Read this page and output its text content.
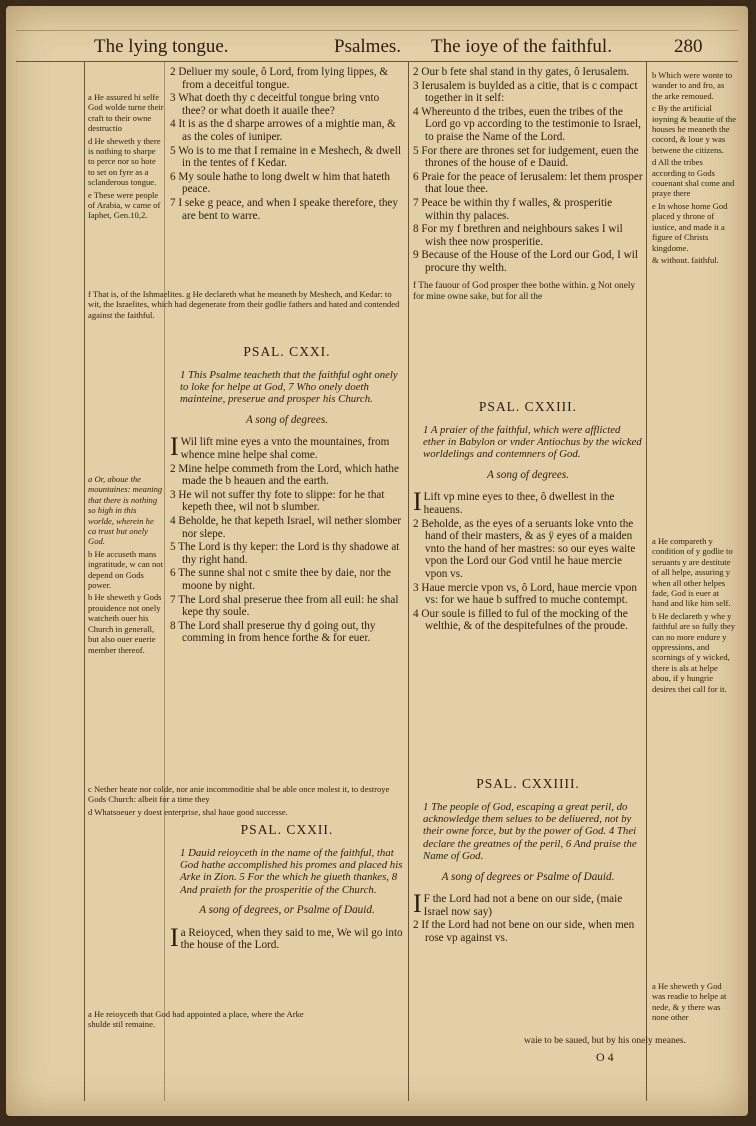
The lying tongue.	Psalmes. The ioye of the faithful.	280

a He assured hi selfe God wolde turne their craft to their owne destructio

d He sheweth y there is nothing to sharpe to perce nor so hote to set on fyre as a sclanderous tongue.

e These were people of Arabia, w came of Iaphet, Gen.10,2.

f That is, of the Ishmaelites. g He declareth what he meaneth by Meshech, and Kedar: to wit, the Israelites, which had degenerate from their godlie fathers and hated and contended against the faithful.

a Or, aboue the mountaines: meaning that there is nothing so high in this worlde, wherein he ca trust but onely God.

b He accuseth mans ingratitude, w can not depend on Gods power.

b He sheweth y Gods prouidence not onely watcheth ouer his Church in generall, but also ouer euerie member thereof.

c Nether heate nor colde, nor anie incommoditie shal be able once molest it, to destroye Gods Church: albeit for a time they

d Whatsoeuer y doest enterprise, shal haue good successe.

a He reioyceth that God had appointed a place, where the Arke shulde stil remaine.

2 Deliuer my soule, ô Lord, from lying lippes, & from a deceitful tongue.

3 What doeth thy c deceitful tongue bring vnto thee? or what doeth it auaile thee?

4 It is as the d sharpe arrowes of a mightie man, & as the coles of iuniper.

5 Wo is to me that I remaine in e Meshech, & dwell in the tentes of f Kedar.

6 My soule hathe to long dwelt w him that hateth peace.

7 I seke g peace, and when I speake therefore, they are bent to warre.

PSAL. CXXI.

1 This Psalme teacheth that the faithful oght onely to loke for helpe at God, 7 Who onely doeth mainteine, preserue and prosper his Church.

A song of degrees.

IWil lift mine eyes a vnto the mountaines, from whence mine helpe shal come.

2 Mine helpe commeth from the Lord, which hathe made the b heauen and the earth.

3 He wil not suffer thy fote to slippe: for he that kepeth thee, wil not b slumber.

4 Beholde, he that kepeth Israel, wil nether slomber nor slepe.

5 The Lord is thy keper: the Lord is thy shadowe at thy right hand.

6 The sunne shal not c smite thee by daie, nor the moone by night.

7 The Lord shal preserue thee from all euil: he shal kepe thy soule.

8 The Lord shall preserue thy d going out, thy comming in from hence forthe & for euer.

PSAL. CXXII.

1 Dauid reioyceth in the name of the faithful, that God hathe accomplished his promes and placed his Arke in Zion. 5 For the which he giueth thankes, 8 And praieth for the prosperitie of the Church.

A song of degrees, or Psalme of Dauid.

Ia Reioyced, when they said to me, We wil go into the house of the Lord.

2 Our b fete shal stand in thy gates, ô Ierusalem.

3 Ierusalem is buylded as a citie, that is c compact together in it self:

4 Whereunto d the tribes, euen the tribes of the Lord go vp according to the testimonie to Israel, to praise the Name of the Lord.

5 For there are thrones set for iudgement, euen the thrones of the house of e Dauid.

6 Praie for the peace of Ierusalem: let them prosper that loue thee.

7 Peace be within thy f walles, & prosperitie within thy palaces.

8 For my f brethren and neighbours sakes I wil wish thee now prosperitie.

9 Because of the House of the Lord our God, I wil procure thy welth.

f The fauour of God prosper thee bothe within. g Not onely for mine owne sake, but for all the

PSAL. CXXIII.

1 A praier of the faithful, which were afflicted ether in Babylon or vnder Antiochus by the wicked worldelings and contemners of God.

A song of degrees.

ILift vp mine eyes to thee, ô dwellest in the heauens.

2 Beholde, as the eyes of a seruants loke vnto the hand of their masters, & as ÿ eyes of a maiden vnto the hand of her mastres: so our eyes waite vpon the Lord our God vntil he haue mercie vpon vs.

3 Haue mercie vpon vs, ô Lord, haue mercie vpon vs: for we haue b suffred to muche contempt.

4 Our soule is filled to ful of the mocking of the welthie, & of the despitefulnes of the proude.

PSAL. CXXIIII.

1 The people of God, escaping a great peril, do acknowledge them selues to be deliuered, not by their owne force, but by the power of God. 4 Thei declare the greatnes of the peril, 6 And praise the Name of God.

A song of degrees or Psalme of Dauid.

IF the Lord had not a bene on our side, (maie Israel now say)

2 If the Lord had not bene on our side, when men rose vp against vs.

waie to be saued, but by his onely meanes.
O 4

b Which were wonte to wander to and fro, as the arke remoued.

c By the artificial ioyning & beautie of the houses he meaneth the cocord, & loue y was betwene the citizens.

d All the tribes according to Gods couenant shal come and praye there

e In whose home God placed y throne of iustice, and made it a figure of Christs kingdome.

& without. faithful.

a He compareth y condition of y godlie to seruants y are destitute of all helpe, assuring y when all other helpes fade, God is euer at hand and like him self.

b He declareth y whe y faithful are so fully they can no more endure y oppressions, and scornings of y wicked, there is als at helpe abou, if y hungrie desires thei call for it.

a He sheweth y God was readie to helpe at nede, & y there was none other
